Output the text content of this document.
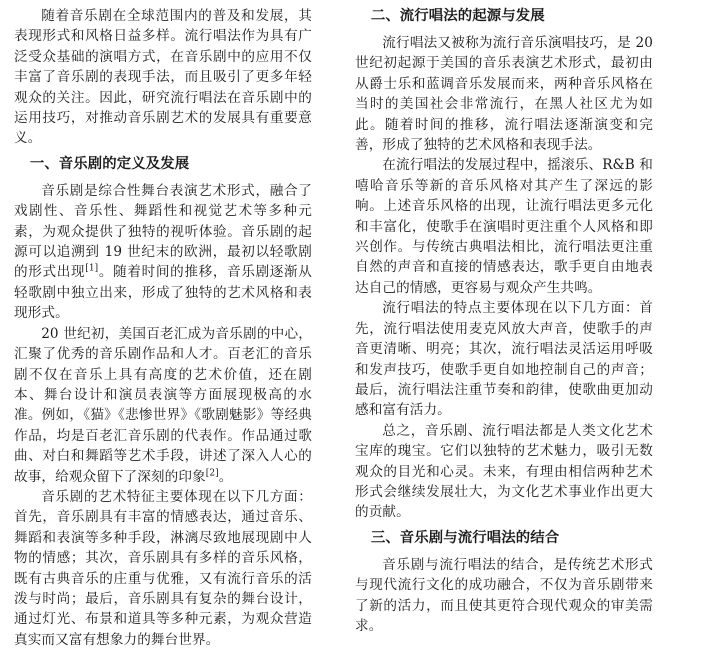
随着音乐剧在全球范围内的普及和发展，其表现形式和风格日益多样。流行唱法作为具有广泛受众基础的演唱方式，在音乐剧中的应用不仅丰富了音乐剧的表现手法，而且吸引了更多年轻观众的关注。因此，研究流行唱法在音乐剧中的运用技巧，对推动音乐剧艺术的发展具有重要意义。

一、音乐剧的定义及发展

音乐剧是综合性舞台表演艺术形式，融合了戏剧性、音乐性、舞蹈性和视觉艺术等多种元素，为观众提供了独特的视听体验。音乐剧的起源可以追溯到 19 世纪末的欧洲，最初以轻歌剧的形式出现[1]。随着时间的推移，音乐剧逐渐从轻歌剧中独立出来，形成了独特的艺术风格和表现形式。

20 世纪初，美国百老汇成为音乐剧的中心，汇聚了优秀的音乐剧作品和人才。百老汇的音乐剧不仅在音乐上具有高度的艺术价值，还在剧本、舞台设计和演员表演等方面展现极高的水准。例如，《猫》《悲惨世界》《歌剧魅影》等经典作品，均是百老汇音乐剧的代表作。作品通过歌曲、对白和舞蹈等艺术手段，讲述了深入人心的故事，给观众留下了深刻的印象[2]。

音乐剧的艺术特征主要体现在以下几方面：首先，音乐剧具有丰富的情感表达，通过音乐、舞蹈和表演等多种手段，淋漓尽致地展现剧中人物的情感；其次，音乐剧具有多样的音乐风格，既有古典音乐的庄重与优雅，又有流行音乐的活泼与时尚；最后，音乐剧具有复杂的舞台设计，通过灯光、布景和道具等多种元素，为观众营造真实而又富有想象力的舞台世界。

二、流行唱法的起源与发展

流行唱法又被称为流行音乐演唱技巧，是 20 世纪初起源于美国的音乐表演艺术形式，最初由从爵士乐和蓝调音乐发展而来，两种音乐风格在当时的美国社会非常流行，在黑人社区尤为如此。随着时间的推移，流行唱法逐渐演变和完善，形成了独特的艺术风格和表现手法。

在流行唱法的发展过程中，摇滚乐、R&B 和嘻哈音乐等新的音乐风格对其产生了深远的影响。上述音乐风格的出现，让流行唱法更多元化和丰富化，使歌手在演唱时更注重个人风格和即兴创作。与传统古典唱法相比，流行唱法更注重自然的声音和直接的情感表达，歌手更自由地表达自己的情感，更容易与观众产生共鸣。

流行唱法的特点主要体现在以下几方面：首先，流行唱法使用麦克风放大声音，使歌手的声音更清晰、明亮；其次，流行唱法灵活运用呼吸和发声技巧，使歌手更自如地控制自己的声音；最后，流行唱法注重节奏和韵律，使歌曲更加动感和富有活力。

总之，音乐剧、流行唱法都是人类文化艺术宝库的瑰宝。它们以独特的艺术魅力，吸引无数观众的目光和心灵。未来，有理由相信两种艺术形式会继续发展壮大，为文化艺术事业作出更大的贡献。

三、音乐剧与流行唱法的结合

音乐剧与流行唱法的结合，是传统艺术形式与现代流行文化的成功融合，不仅为音乐剧带来了新的活力，而且使其更符合现代观众的审美需求。
